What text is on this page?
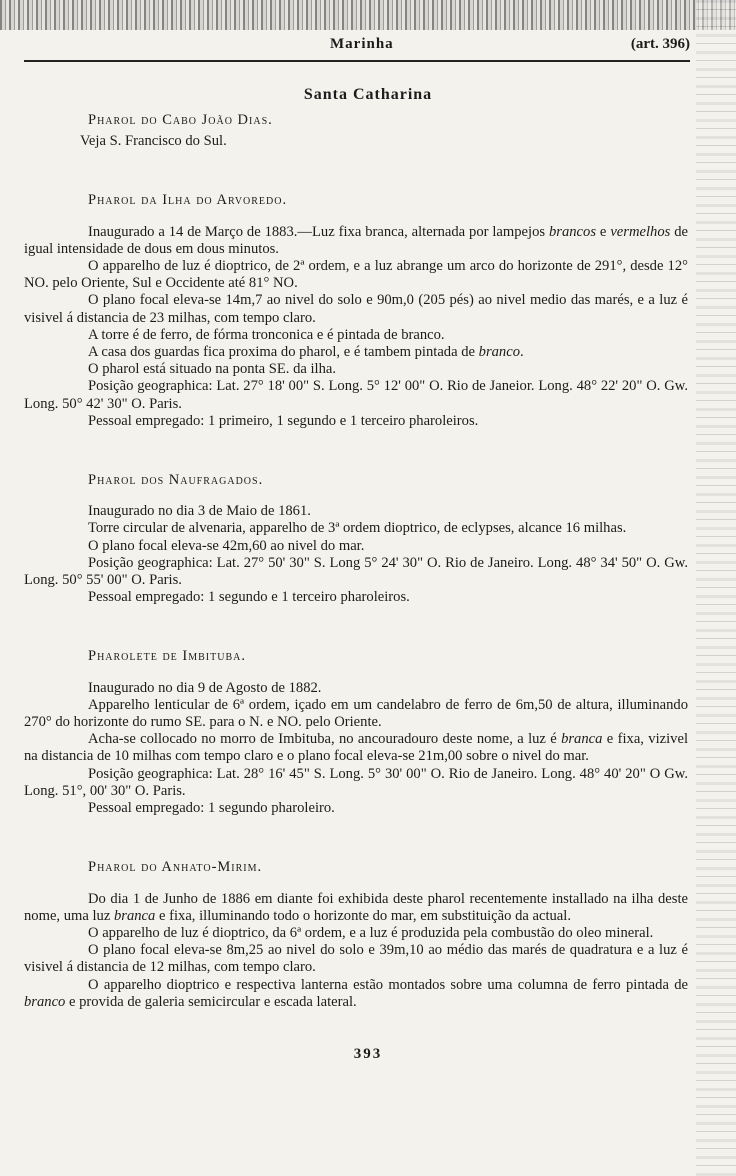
Marinha	(art. 396)
Santa Catharina

Pharol do Cabo João Dias.

Veja S. Francisco do Sul.

Pharol da Ilha do Arvoredo.

Inaugurado a 14 de Março de 1883.—Luz fixa branca, alternada por lampejos brancos e vermelhos de igual intensidade de dous em dous minutos.

O apparelho de luz é dioptrico, de 2ª ordem, e a luz abrange um arco do horizonte de 291°, desde 12° NO. pelo Oriente, Sul e Occidente até 81° NO.

O plano focal eleva-se 14m,7 ao nivel do solo e 90m,0 (205 pés) ao nivel medio das marés, e a luz é visivel á distancia de 23 milhas, com tempo claro.

A torre é de ferro, de fórma tronconica e é pintada de branco.

A casa dos guardas fica proxima do pharol, e é tambem pintada de branco.

O pharol está situado na ponta SE. da ilha.

Posição geographica: Lat. 27° 18' 00" S. Long. 5° 12' 00" O. Rio de Janeior. Long. 48° 22' 20" O. Gw. Long. 50° 42' 30" O. Paris.

Pessoal empregado: 1 primeiro, 1 segundo e 1 terceiro pharoleiros.

Pharol dos Naufragados.

Inaugurado no dia 3 de Maio de 1861.

Torre circular de alvenaria, apparelho de 3ª ordem dioptrico, de eclypses, alcance 16 milhas.

O plano focal eleva-se 42m,60 ao nivel do mar.

Posição geographica: Lat. 27° 50' 30" S. Long 5° 24' 30" O. Rio de Janeiro. Long. 48° 34' 50" O. Gw. Long. 50° 55' 00" O. Paris.

Pessoal empregado: 1 segundo e 1 terceiro pharoleiros.

Pharolete de Imbituba.

Inaugurado no dia 9 de Agosto de 1882.

Apparelho lenticular de 6ª ordem, içado em um candelabro de ferro de 6m,50 de altura, illuminando 270° do horizonte do rumo SE. para o N. e NO. pelo Oriente.

Acha-se collocado no morro de Imbituba, no ancouradouro deste nome, a luz é branca e fixa, vizivel na distancia de 10 milhas com tempo claro e o plano focal eleva-se 21m,00 sobre o nivel do mar.

Posição geographica: Lat. 28° 16' 45" S. Long. 5° 30' 00" O. Rio de Janeiro. Long. 48° 40' 20" O Gw. Long. 51°, 00' 30" O. Paris.

Pessoal empregado: 1 segundo pharoleiro.

Pharol do Anhato-Mirim.

Do dia 1 de Junho de 1886 em diante foi exhibida deste pharol recentemente installado na ilha deste nome, uma luz branca e fixa, illuminando todo o horizonte do mar, em substituição da actual.

O apparelho de luz é dioptrico, da 6ª ordem, e a luz é produzida pela combustão do oleo mineral.

O plano focal eleva-se 8m,25 ao nivel do solo e 39m,10 ao médio das marés de quadratura e a luz é visivel á distancia de 12 milhas, com tempo claro.

O apparelho dioptrico e respectiva lanterna estão montados sobre uma columna de ferro pintada de branco e provida de galeria semicircular e escada lateral.

393
